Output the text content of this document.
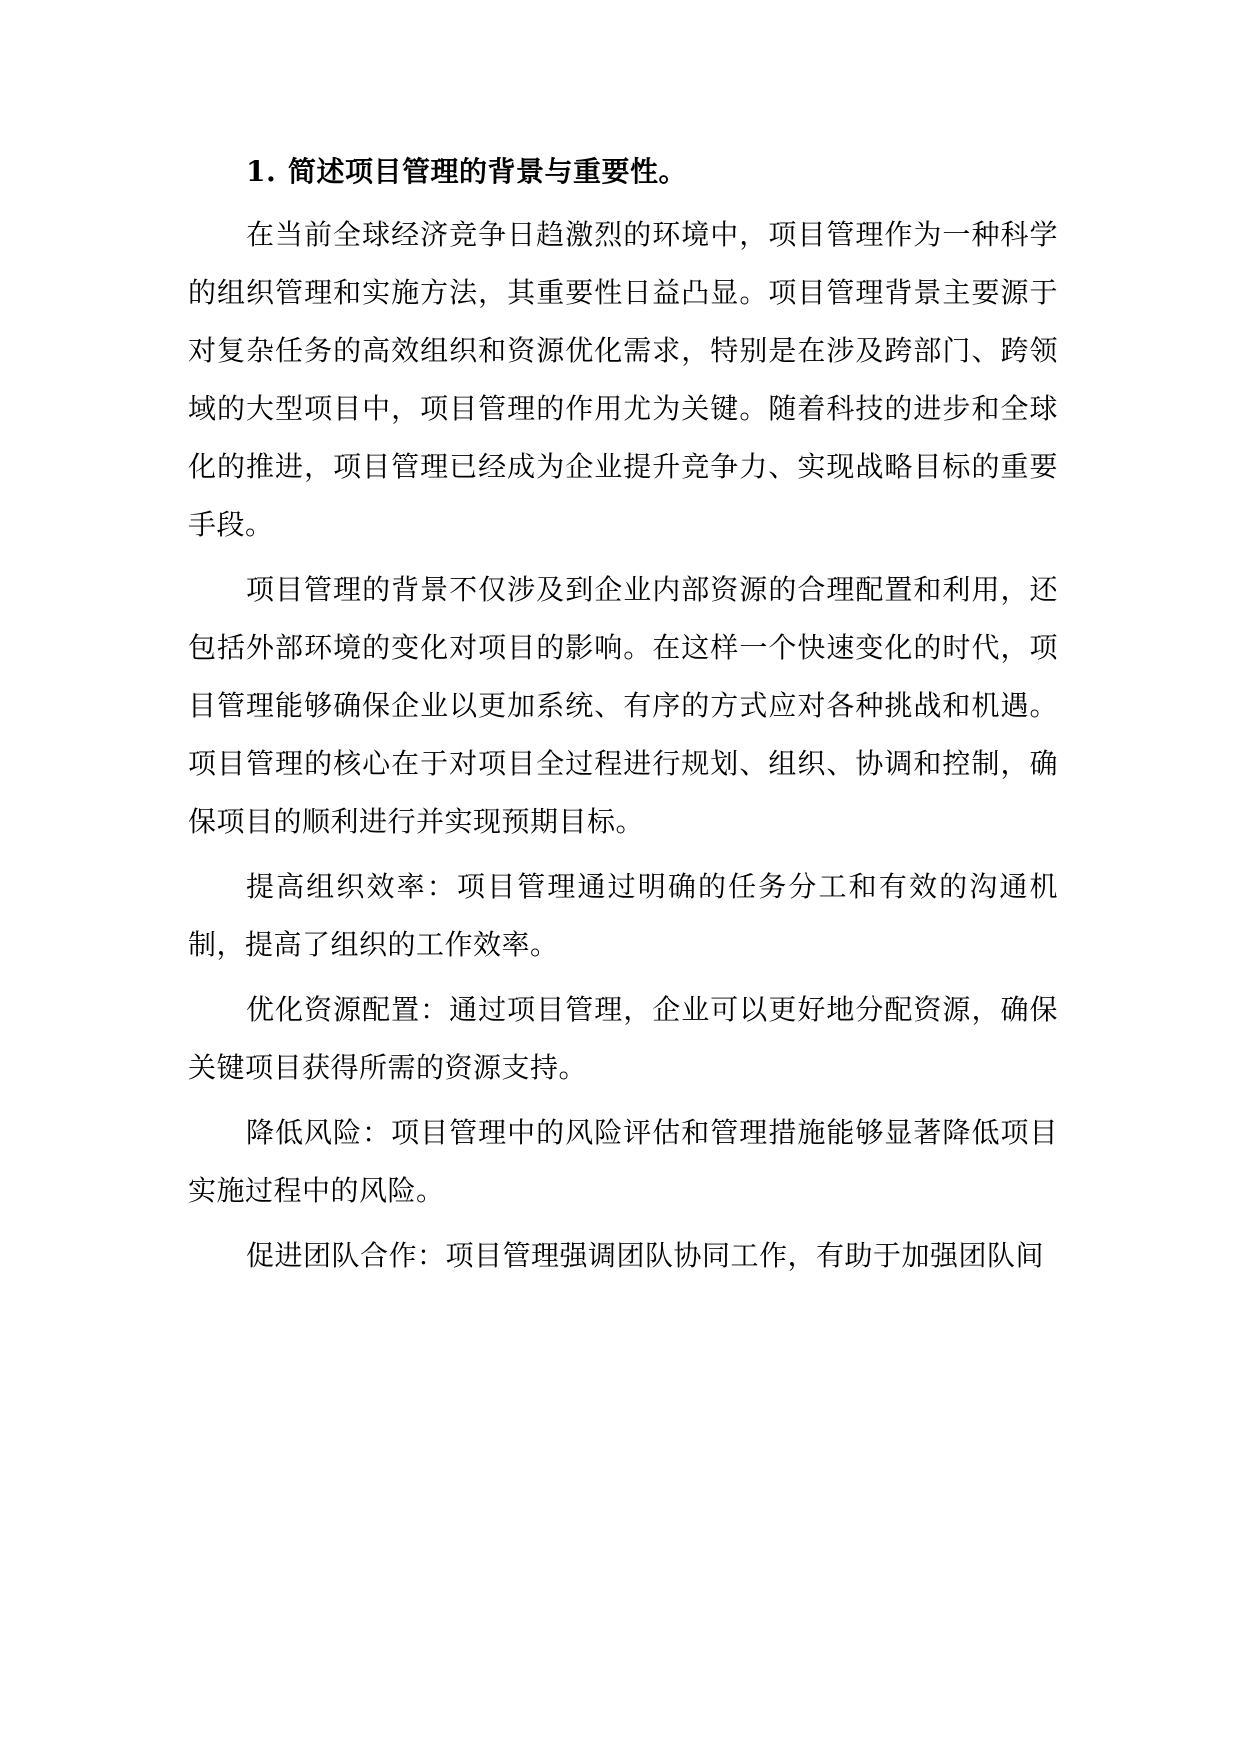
1. 简述项目管理的背景与重要性。

在当前全球经济竞争日趋激烈的环境中，项目管理作为一种科学的组织管理和实施方法，其重要性日益凸显。项目管理背景主要源于对复杂任务的高效组织和资源优化需求，特别是在涉及跨部门、跨领域的大型项目中，项目管理的作用尤为关键。随着科技的进步和全球化的推进，项目管理已经成为企业提升竞争力、实现战略目标的重要手段。

项目管理的背景不仅涉及到企业内部资源的合理配置和利用，还包括外部环境的变化对项目的影响。在这样一个快速变化的时代，项目管理能够确保企业以更加系统、有序的方式应对各种挑战和机遇。项目管理的核心在于对项目全过程进行规划、组织、协调和控制，确保项目的顺利进行并实现预期目标。

提高组织效率：项目管理通过明确的任务分工和有效的沟通机制，提高了组织的工作效率。

优化资源配置：通过项目管理，企业可以更好地分配资源，确保关键项目获得所需的资源支持。

降低风险：项目管理中的风险评估和管理措施能够显著降低项目实施过程中的风险。

促进团队合作：项目管理强调团队协同工作，有助于加强团队间
